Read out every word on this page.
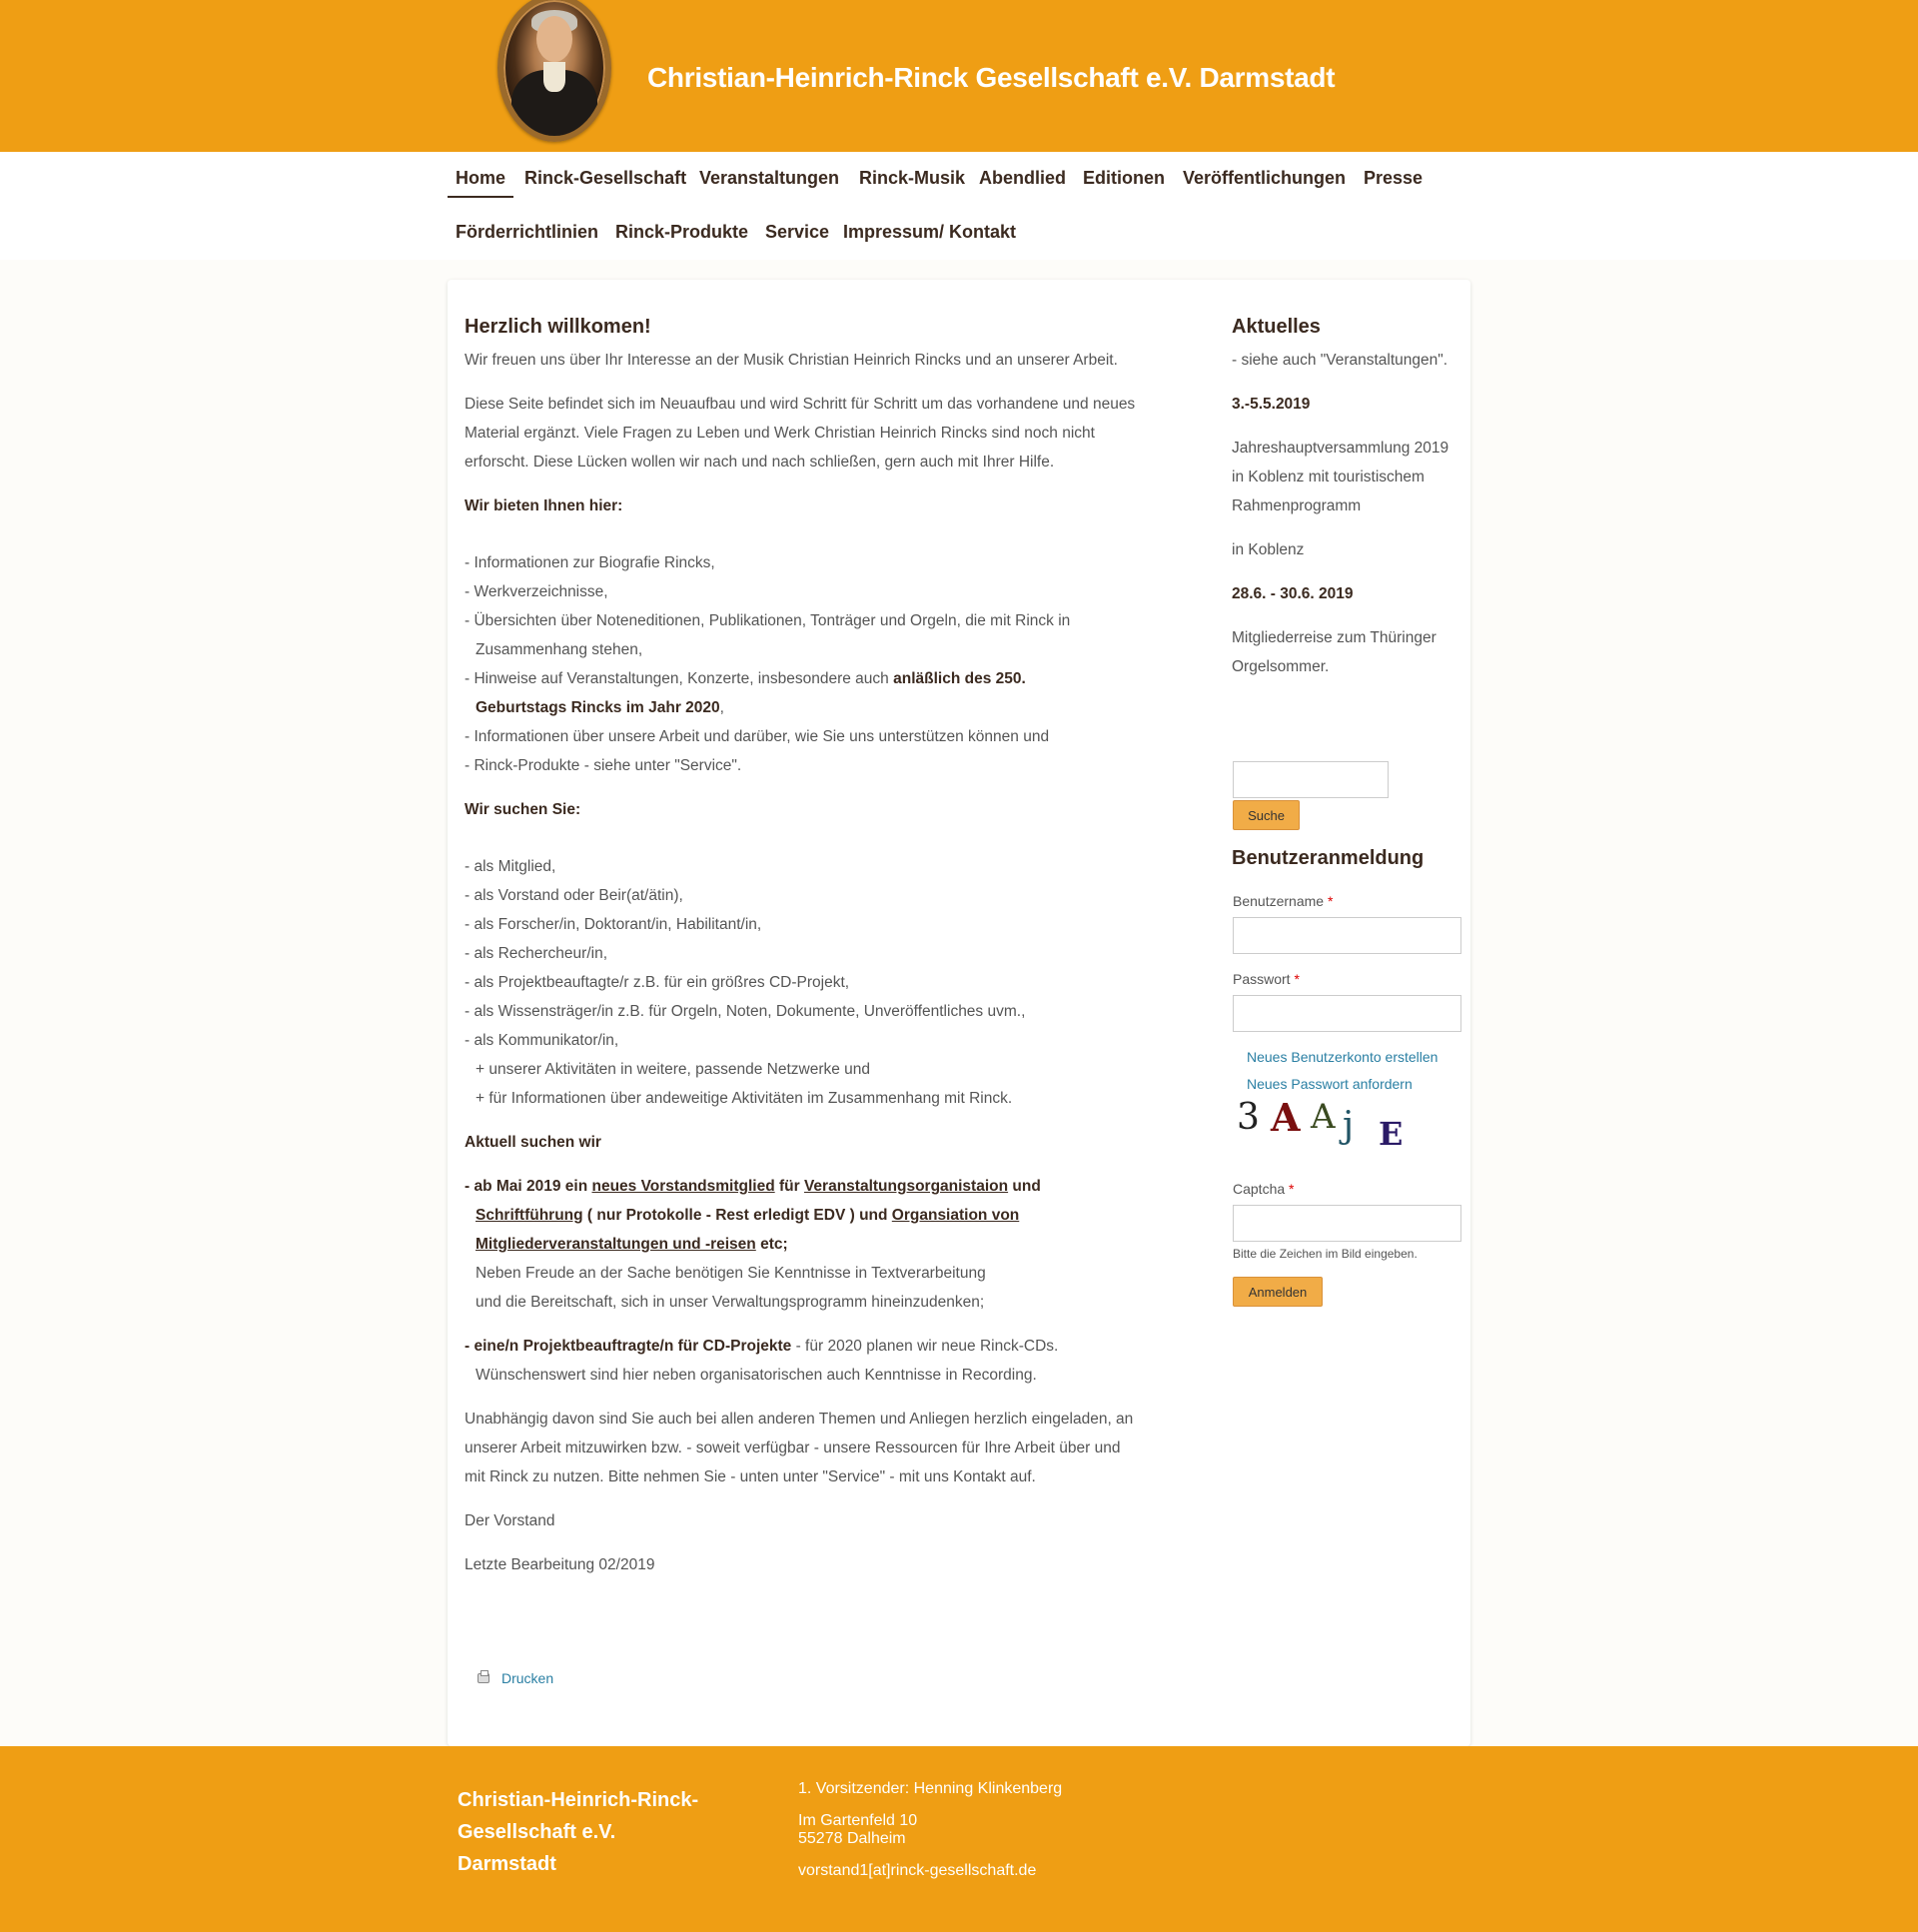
Christian-Heinrich-Rinck Gesellschaft e.V. Darmstadt
Home Rinck-Gesellschaft Veranstaltungen Rinck-Musik Abendlied Editionen Veröffentlichungen Presse
Förderrichtlinien Rinck-Produkte Service Impressum/ Kontakt
Herzlich willkomen!

Wir freuen uns über Ihr Interesse an der Musik Christian Heinrich Rincks und an unserer Arbeit.

Diese Seite befindet sich im Neuaufbau und wird Schritt für Schritt um das vorhandene und neues Material ergänzt. Viele Fragen zu Leben und Werk Christian Heinrich Rincks sind noch nicht erforscht. Diese Lücken wollen wir nach und nach schließen, gern auch mit Ihrer Hilfe.

Wir bieten Ihnen hier:

- Informationen zur Biografie Rincks,
- Werkverzeichnisse,
- Übersichten über Noteneditionen, Publikationen, Tonträger und Orgeln, die mit Rinck in
Zusammenhang stehen,
- Hinweise auf Veranstaltungen, Konzerte, insbesondere auch anläßlich des 250.
Geburtstags Rincks im Jahr 2020,
- Informationen über unsere Arbeit und darüber, wie Sie uns unterstützen können und
- Rinck-Produkte - siehe unter "Service".

Wir suchen Sie:

- als Mitglied,
- als Vorstand oder Beir(at/ätin),
- als Forscher/in, Doktorant/in, Habilitant/in,
- als Rechercheur/in,
- als Projektbeauftagte/r z.B. für ein größres CD-Projekt,
- als Wissensträger/in z.B. für Orgeln, Noten, Dokumente, Unveröffentliches uvm.,
- als Kommunikator/in,
+ unserer Aktivitäten in weitere, passende Netzwerke und
+ für Informationen über andeweitige Aktivitäten im Zusammenhang mit Rinck.

Aktuell suchen wir

- ab Mai 2019 ein neues Vorstandsmitglied für Veranstaltungsorganistaion und
Schriftführung ( nur Protokolle - Rest erledigt EDV ) und Organsiation von
Mitgliederveranstaltungen und -reisen etc;
Neben Freude an der Sache benötigen Sie Kenntnisse in Textverarbeitung
und die Bereitschaft, sich in unser Verwaltungsprogramm hineinzudenken;

- eine/n Projektbeauftragte/n für CD-Projekte - für 2020 planen wir neue Rinck-CDs.
Wünschenswert sind hier neben organisatorischen auch Kenntnisse in Recording.

Unabhängig davon sind Sie auch bei allen anderen Themen und Anliegen herzlich eingeladen, an unserer Arbeit mitzuwirken bzw. - soweit verfügbar - unsere Ressourcen für Ihre Arbeit über und mit Rinck zu nutzen. Bitte nehmen Sie - unten unter "Service" - mit uns Kontakt auf.

Der Vorstand

Letzte Bearbeitung 02/2019

Drucken
Aktuelles

- siehe auch "Veranstaltungen".

3.-5.5.2019

Jahreshauptversammlung 2019 in Koblenz mit touristischem Rahmenprogramm

in Koblenz

28.6. - 30.6. 2019

Mitgliederreise zum Thüringer Orgelsommer.

Suche
Benutzeranmeldung
Benutzername *
Passwort *
Neues Benutzerkonto erstellen
Neues Passwort anfordern
3 A A j E
Captcha *
Bitte die Zeichen im Bild eingeben.
Anmelden
Christian-Heinrich-Rinck-Gesellschaft e.V. Darmstadt
1. Vorsitzender: Henning Klinkenberg
Im Gartenfeld 10
55278 Dalheim
vorstand1[at]rinck-gesellschaft.de
